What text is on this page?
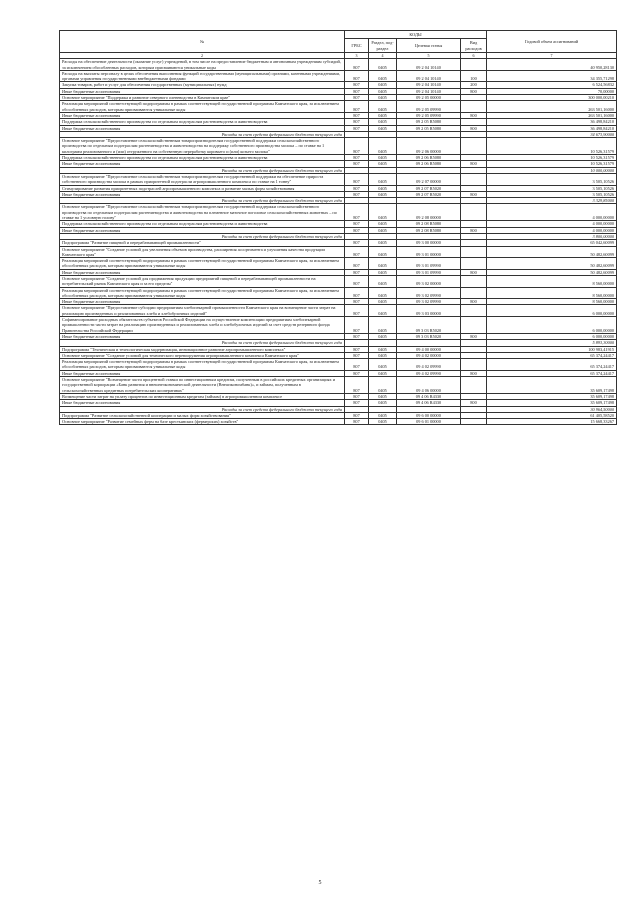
№	КОДЫ				Годовой объем ассигнований
	ГРБС	Раздел, под-раздел	Целевая статья	Вид расходов	
2	3	4	5	6	7
Расходы на обеспечение деятельности (оказание услуг) учреждений, в том числе на предоставление бюджетным и автономным учреждениям субсидий, за исключением обособленных расходов, которым присваиваются уникальные коды	807	0405	09 2 04 10140		40 950,28130
Расходы на выплаты персоналу в целях обеспечения выполнения функций государственными (муниципальными) органами, казенными учреждениями, органами управления государственными внебюджетными фондами	807	0405	09 2 04 10140	100	34 355,71298
Закупка товаров, работ и услуг для обеспечения государственных (муниципальных) нужд	807	0405	09 2 04 10140	200	6 524,56832
Иные бюджетные ассигнования	807	0405	09 2 04 10140	800	70,00000
Основное мероприятие "Поддержка и развитие северного оленеводства в Камчатском крае"	807	0405	09 2 05 00000		300 000,00210
Реализация мероприятий соответствующей подпрограммы в рамках соответствующей государственной программы Камчатского края, за исключением обособленных расходов, которым присваиваются уникальные коды	807	0405	09 2 05 09990		263 501,16000
Иные бюджетные ассигнования	807	0405	09 2 05 09990	800	263 501,16000
Поддержка сельскохозяйственного производства по отдельным подотраслям растениеводства и животноводства	807	0405	09 2 05 R5080		36 498,84210
Иные бюджетные ассигнования	807	0405	09 2 05 R5080	800	36 498,84210
Расходы за счет средств федерального бюджета текущего года					34 673,90000
Основное мероприятие "Предоставление сельскохозяйственным товаропроизводителям государственной поддержки сельскохозяйственного производства по отдельным подотраслям растениеводства и животноводства на поддержку собственного производства молока – по ставке на 1 килограмм реализованного и (или) отгруженного на собственную переработку коровьего и (или) козьего молока"	807	0405	09 2 06 00000		10 526,31579
Поддержка сельскохозяйственного производства по отдельным подотраслям растениеводства и животноводства	807	0405	09 2 06 R5080		10 526,31579
Иные бюджетные ассигнования	807	0405	09 2 06 R5080	800	10 526,31579
Расходы за счет средств федерального бюджета текущего года					10 000,00000
Основное мероприятие "Предоставление сельскохозяйственным товаропроизводителям государственной поддержки на обеспечение прироста собственного производства молока в рамках приоритетной подотрасли агропромышленного комплекса по ставке на 1 тонну"	807	0405	09 2 07 00000		3 505,10526
Стимулирование развития приоритетных подотраслей агропромышленного комплекса и развитие малых форм хозяйствования	807	0405	09 2 07 R5020		3 505,10526
Иные бюджетные ассигнования	807	0405	09 2 07 R5020	800	3 505,10526
Расходы за счет средств федерального бюджета текущего года					3 329,85000
Основное мероприятие "Предоставление сельскохозяйственным товаропроизводителям государственной поддержки сельскохозяйственного производства по отдельным подотраслям растениеводства и животноводства на племенное маточное поголовье сельскохозяйственных животных – по ставке на 1 условную голову"	807	0405	09 2 08 00000		4 000,00000
Поддержка сельскохозяйственного производства по отдельным подотраслям растениеводства и животноводства	807	0405	09 2 08 R5080		4 000,00000
Иные бюджетные ассигнования	807	0405	09 2 08 R5080	800	4 000,00000
Расходы за счет средств федерального бюджета текущего года					3 800,00000
Подпрограмма "Развитие пищевой и перерабатывающей промышленности"	807	0405	09 3 00 00000		65 042,60099
Основное мероприятие "Создание условий для увеличения объемов производства, расширения ассортимента и улучшения качества продукции Камчатского края"	807	0405	09 3 01 00000		50 482,60099
Реализация мероприятий соответствующей подпрограммы в рамках соответствующей государственной программы Камчатского края, за исключением обособленных расходов, которым присваиваются уникальные коды	807	0405	09 3 01 09990		50 482,60099
Иные бюджетные ассигнования	807	0405	09 3 01 09990	800	50 482,60099
Основное мероприятие "Создание условий для продвижения продукции предприятий пищевой и перерабатывающей промышленности на потребительский рынок Камчатского края и за его пределы"	807	0405	09 3 02 00000		8 560,00000
Реализация мероприятий соответствующей подпрограммы в рамках соответствующей государственной программы Камчатского края, за исключением обособленных расходов, которым присваиваются уникальные коды	807	0405	09 3 02 09990		8 560,00000
Иные бюджетные ассигнования	807	0405	09 3 02 09990	800	8 560,00000
Основное мероприятие "Предоставление субсидии предприятиям хлебопекарной промышленности Камчатского края на возмещение части затрат на реализацию произведенных и реализованных хлеба и хлебобулочных изделий"	807	0405	09 3 03 00000		6 000,00000
Софинансирование расходных обязательств субъектов Российской Федерации на осуществление компенсации предприятиям хлебопекарной промышленности части затрат на реализацию произведенных и реализованных хлеба и хлебобулочных изделий за счет средств резервного фонда Правительства Российской Федерации	807	0405	09 3 03 R5020		6 000,00000
Иные бюджетные ассигнования	807	0405	09 3 03 R5020	800	6 000,00000
Расходы за счет средств федерального бюджета текущего года					5 893,30000
Подпрограмма "Техническая и технологическая модернизация, инновационное развитие агропромышленного комплекса"	807	0405	09 4 00 00000		100 983,41915
Основное мероприятие "Создание условий для технического перевооружения агропромышленного комплекса Камчатского края"	807	0405	09 4 02 00000		65 374,24417
Реализация мероприятий соответствующей подпрограммы в рамках соответствующей государственной программы Камчатского края, за исключением обособленных расходов, которым присваиваются уникальные коды	807	0405	09 4 02 09990		65 374,24417
Иные бюджетные ассигнования	807	0405	09 4 02 09990	800	65 374,24417
Основное мероприятие "Возмещение части процентной ставки по инвестиционным кредитам, полученным в российских кредитных организациях и государственной корпорации «Банк развития и внешнеэкономической деятельности (Внешэкономбанк)», и займам, полученным в сельскохозяйственных кредитных потребительских кооперативах"	807	0405	09 4 06 00000		35 609,17498
Возмещение части затрат на уплату процентов по инвестиционным кредитам (займам) в агропромышленном комплексе	807	0405	09 4 06 R4330		35 609,17498
Иные бюджетные ассигнования	807	0405	09 4 06 R4330	800	35 609,17498
Расходы за счет средств федерального бюджета текущего года					30 964,50000
Подпрограмма "Развитие сельскохозяйственной кооперации и малых форм хозяйствования"	807	0405	09 6 00 00000		61 405,58520
Основное мероприятие "Развитие семейных ферм на базе крестьянских (фермерских) хозяйств"	807	0405	09 6 01 00000		15 668,33267
5
